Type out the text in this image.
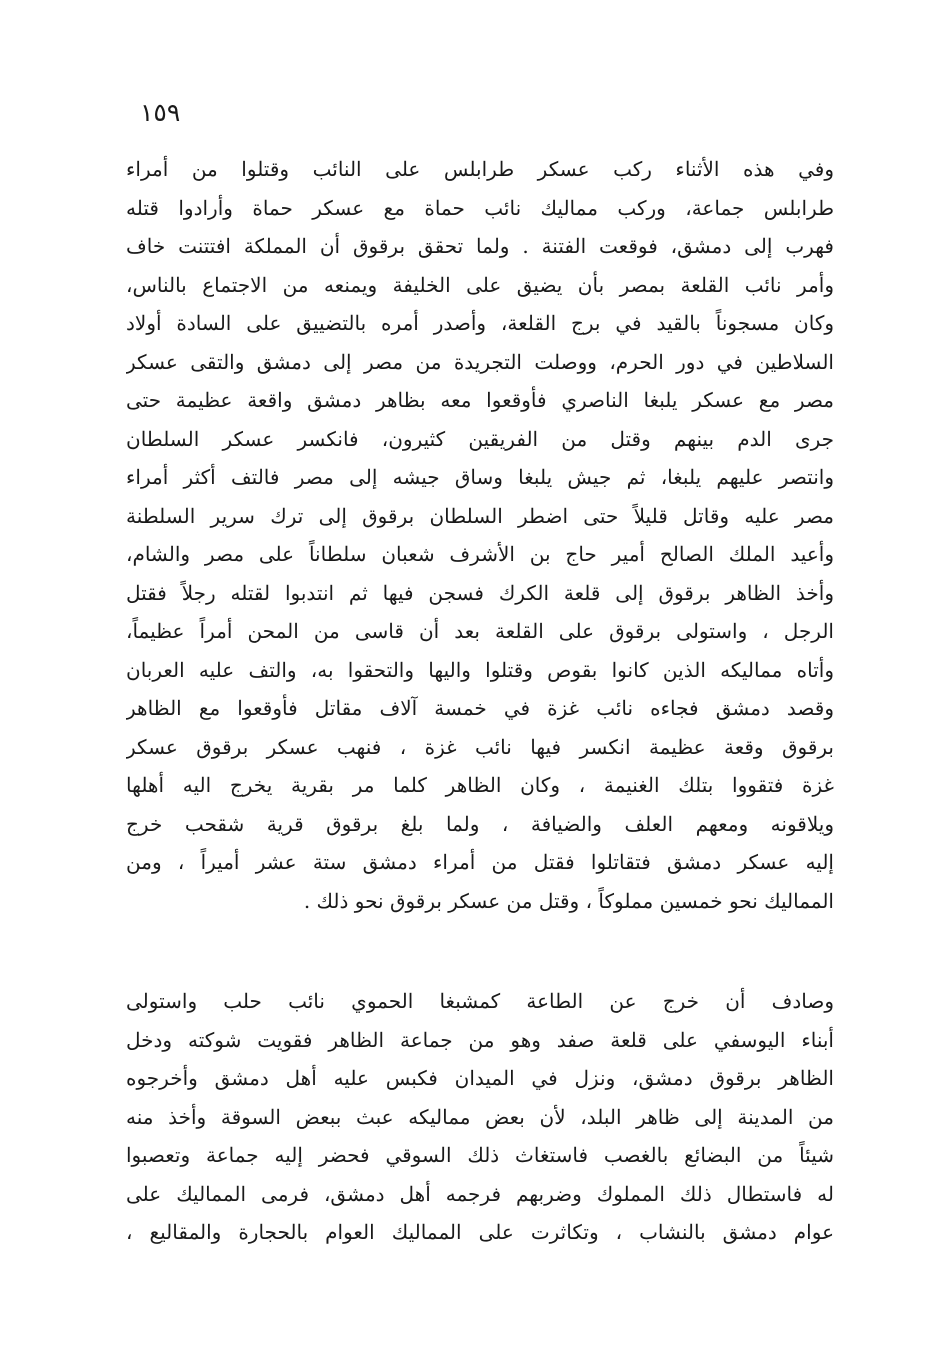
١٥٩
وفي هذه الأثناء ركب عسكر طرابلس على النائب وقتلوا من أمراء
طرابلس جماعة، وركب مماليك نائب حماة مع عسكر حماة وأرادوا قتله
فهرب إلى دمشق، فوقعت الفتنة . ولما تحقق برقوق أن المملكة افتتنت خاف
وأمر نائب القلعة بمصر بأن يضيق على الخليفة ويمنعه من الاجتماع بالناس،
وكان مسجوناً بالقيد في برج القلعة، وأصدر أمره بالتضييق على السادة أولاد
السلاطين في دور الحرم، ووصلت التجريدة من مصر إلى دمشق والتقى عسكر
مصر مع عسكر يلبغا الناصري فأوقعوا معه بظاهر دمشق واقعة عظيمة حتى
جرى الدم بينهم وقتل من الفريقين كثيرون، فانكسر عسكر السلطان
وانتصر عليهم يلبغا، ثم جيش يلبغا وساق جيشه إلى مصر فالتف أكثر أمراء
مصر عليه وقاتل قليلاً حتى اضطر السلطان برقوق إلى ترك سرير السلطنة
وأعيد الملك الصالح أمير حاج بن الأشرف شعبان سلطاناً على مصر والشام،
وأخذ الظاهر برقوق إلى قلعة الكرك فسجن فيها ثم انتدبوا لقتله رجلاً فقتل
الرجل ، واستولى برقوق على القلعة بعد أن قاسى من المحن أمراً عظيماً،
وأتاه مماليكه الذين كانوا بقوص وقتلوا واليها والتحقوا به، والتف عليه العربان
وقصد دمشق فجاءه نائب غزة في خمسة آلاف مقاتل فأوقعوا مع الظاهر
برقوق وقعة عظيمة انكسر فيها نائب غزة ، فنهب عسكر برقوق عسكر
غزة فتقووا بتلك الغنيمة ، وكان الظاهر كلما مر بقرية يخرج اليه أهلها
ويلاقونه ومعهم العلف والضيافة ، ولما بلغ برقوق قرية شقحب خرج
إليه عسكر دمشق فتقاتلوا فقتل من أمراء دمشق ستة عشر أميراً ، ومن
المماليك نحو خمسين مملوكاً ، وقتل من عسكر برقوق نحو ذلك .
وصادف أن خرج عن الطاعة كمشبغا الحموي نائب حلب واستولى
أبناء اليوسفي على قلعة صفد وهو من جماعة الظاهر فقويت شوكته ودخل
الظاهر برقوق دمشق، ونزل في الميدان فكبس عليه أهل دمشق وأخرجوه
من المدينة إلى ظاهر البلد، لأن بعض مماليكه عبث ببعض السوقة وأخذ منه
شيئاً من البضائع بالغصب فاستغاث ذلك السوقي فحضر إليه جماعة وتعصبوا
له فاستطال ذلك المملوك وضربهم فرجمه أهل دمشق، فرمى المماليك على
عوام دمشق بالنشاب ، وتكاثرت على المماليك العوام بالحجارة والمقاليع ،
